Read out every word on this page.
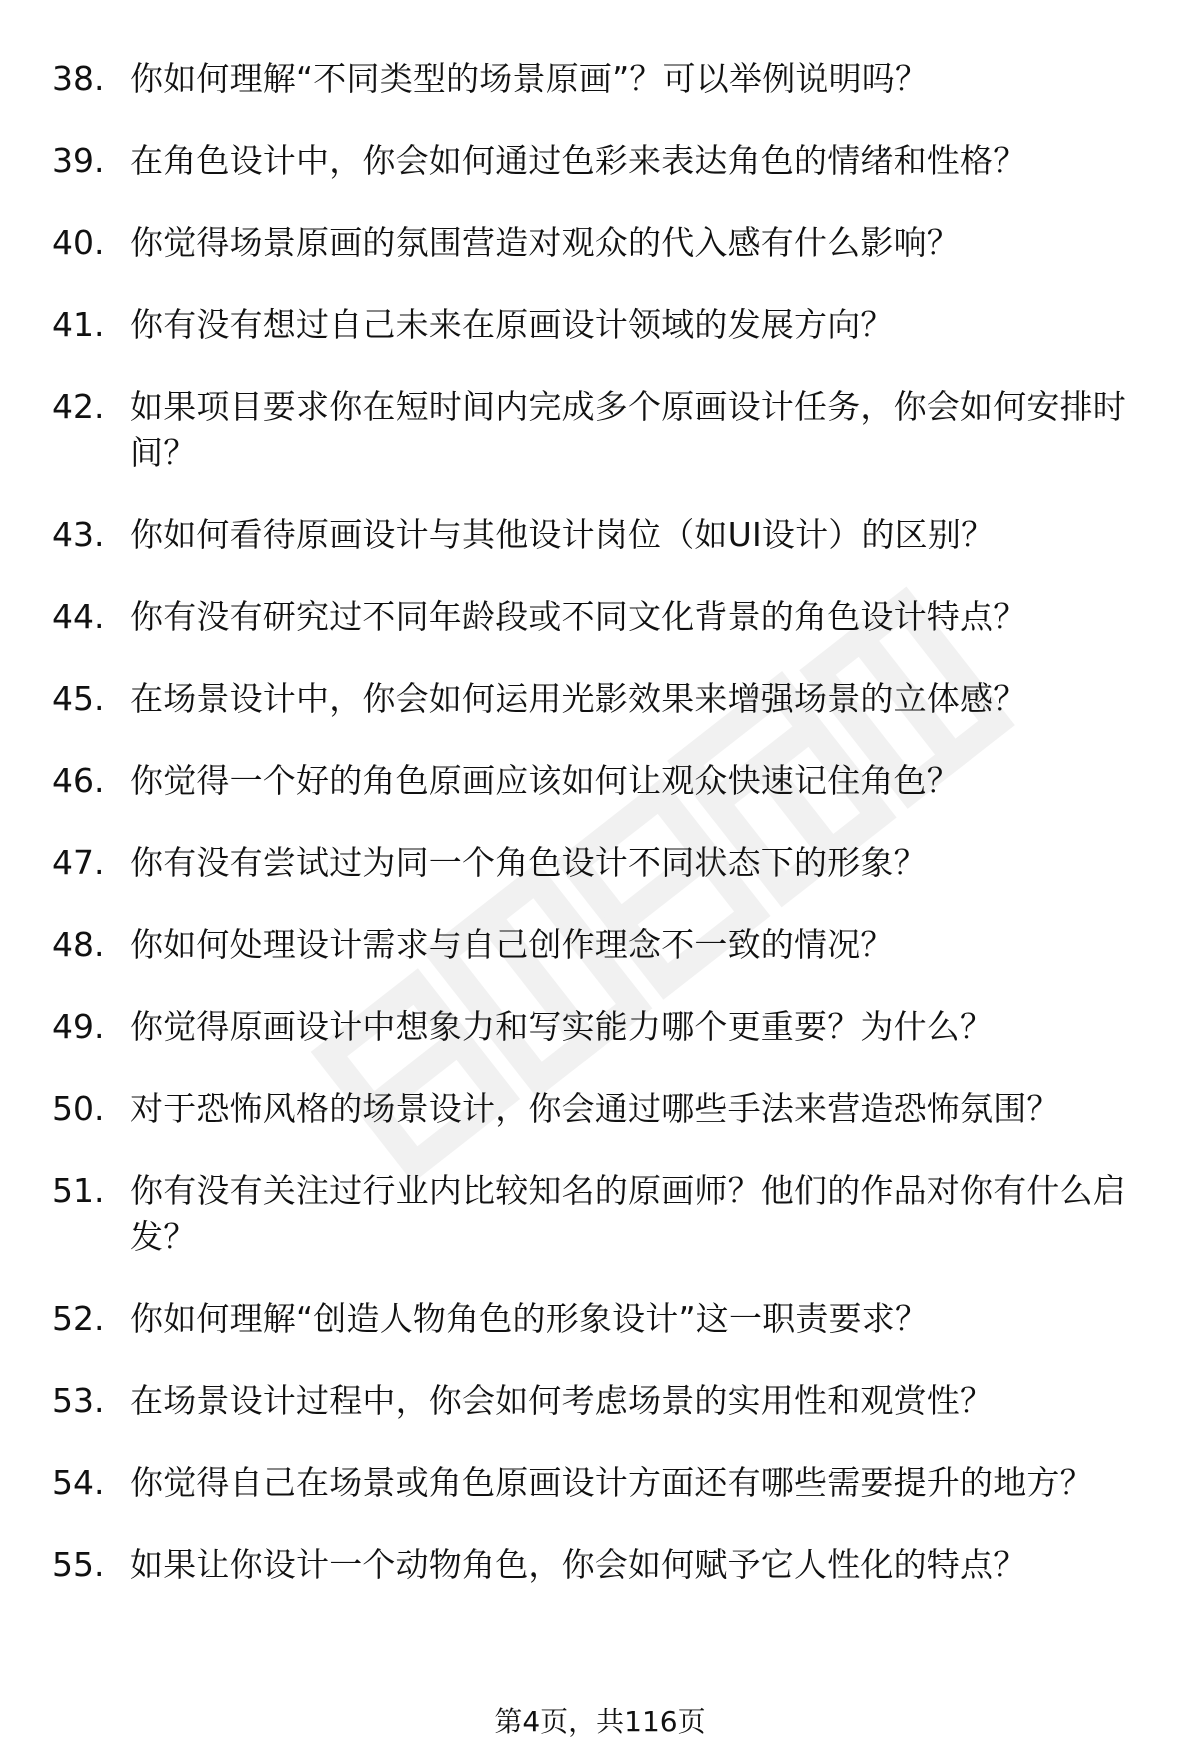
38. 你如何理解“不同类型的场景原画”？可以举例说明吗？
39. 在角色设计中，你会如何通过色彩来表达角色的情绪和性格？
40. 你觉得场景原画的氛围营造对观众的代入感有什么影响？
41. 你有没有想过自己未来在原画设计领域的发展方向？
42. 如果项目要求你在短时间内完成多个原画设计任务，你会如何安排时间？
43. 你如何看待原画设计与其他设计岗位（如UI设计）的区别？
44. 你有没有研究过不同年龄段或不同文化背景的角色设计特点？
45. 在场景设计中，你会如何运用光影效果来增强场景的立体感？
46. 你觉得一个好的角色原画应该如何让观众快速记住角色？
47. 你有没有尝试过为同一个角色设计不同状态下的形象？
48. 你如何处理设计需求与自己创作理念不一致的情况？
49. 你觉得原画设计中想象力和写实能力哪个更重要？为什么？
50. 对于恐怖风格的场景设计，你会通过哪些手法来营造恐怖氛围？
51. 你有没有关注过行业内比较知名的原画师？他们的作品对你有什么启发？
52. 你如何理解“创造人物角色的形象设计”这一职责要求？
53. 在场景设计过程中，你会如何考虑场景的实用性和观赏性？
54. 你觉得自己在场景或角色原画设计方面还有哪些需要提升的地方？
55. 如果让你设计一个动物角色，你会如何赋予它人性化的特点？
第4页，共116页
